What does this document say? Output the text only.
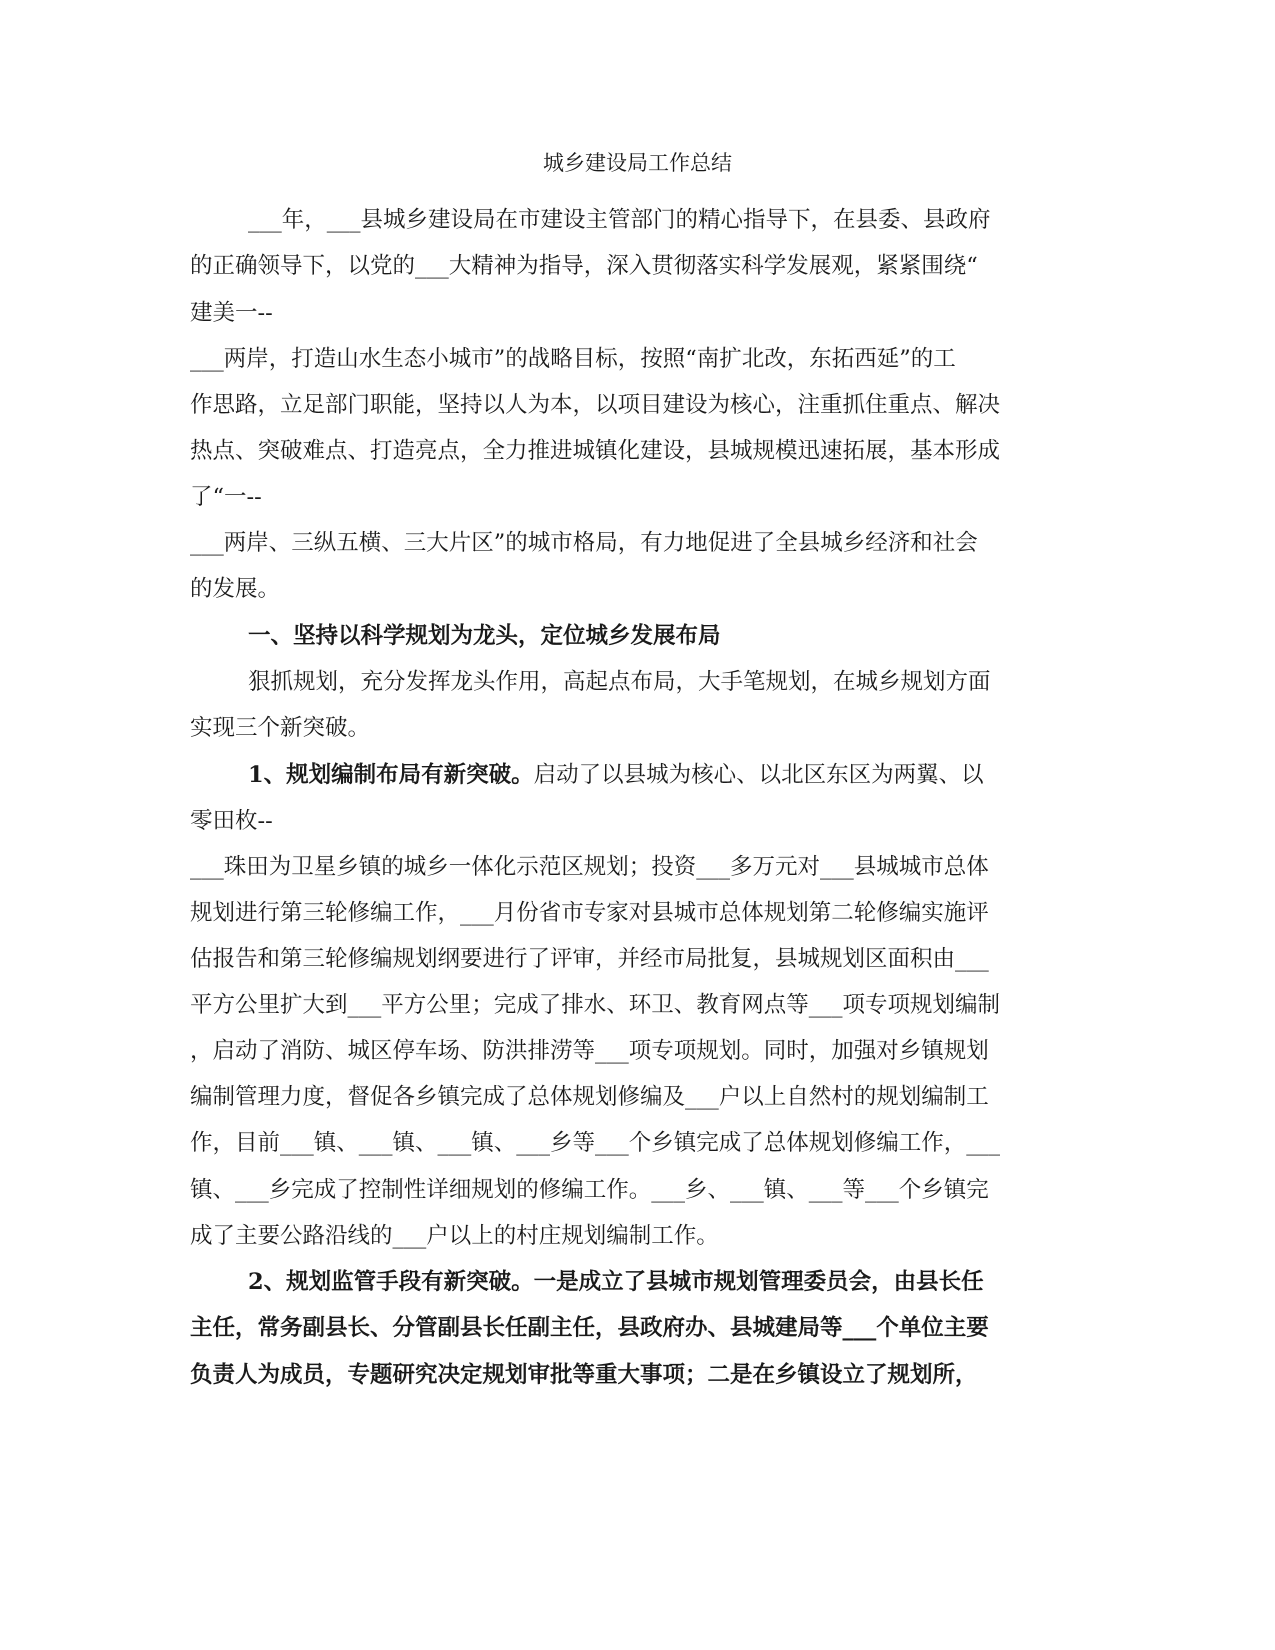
城乡建设局工作总结
___年，___县城乡建设局在市建设主管部门的精心指导下，在县委、县政府
的正确领导下，以党的___大精神为指导，深入贯彻落实科学发展观，紧紧围绕“
建美一--
___两岸，打造山水生态小城市”的战略目标，按照“南扩北改，东拓西延”的工
作思路，立足部门职能，坚持以人为本，以项目建设为核心，注重抓住重点、解决
热点、突破难点、打造亮点，全力推进城镇化建设，县城规模迅速拓展，基本形成
了“一--
___两岸、三纵五横、三大片区”的城市格局，有力地促进了全县城乡经济和社会
的发展。
一、坚持以科学规划为龙头，定位城乡发展布局
狠抓规划，充分发挥龙头作用，高起点布局，大手笔规划，在城乡规划方面
实现三个新突破。
1、规划编制布局有新突破。启动了以县城为核心、以北区东区为两翼、以
零田枚--
___珠田为卫星乡镇的城乡一体化示范区规划；投资___多万元对___县城城市总体
规划进行第三轮修编工作，___月份省市专家对县城市总体规划第二轮修编实施评
估报告和第三轮修编规划纲要进行了评审，并经市局批复，县城规划区面积由___
平方公里扩大到___平方公里；完成了排水、环卫、教育网点等___项专项规划编制
，启动了消防、城区停车场、防洪排涝等___项专项规划。同时，加强对乡镇规划
编制管理力度，督促各乡镇完成了总体规划修编及___户以上自然村的规划编制工
作，目前___镇、___镇、___镇、___乡等___个乡镇完成了总体规划修编工作，___
镇、___乡完成了控制性详细规划的修编工作。___乡、___镇、___等___个乡镇完
成了主要公路沿线的___户以上的村庄规划编制工作。
2、规划监管手段有新突破。一是成立了县城市规划管理委员会，由县长任
主任，常务副县长、分管副县长任副主任，县政府办、县城建局等___个单位主要
负责人为成员，专题研究决定规划审批等重大事项；二是在乡镇设立了规划所，
